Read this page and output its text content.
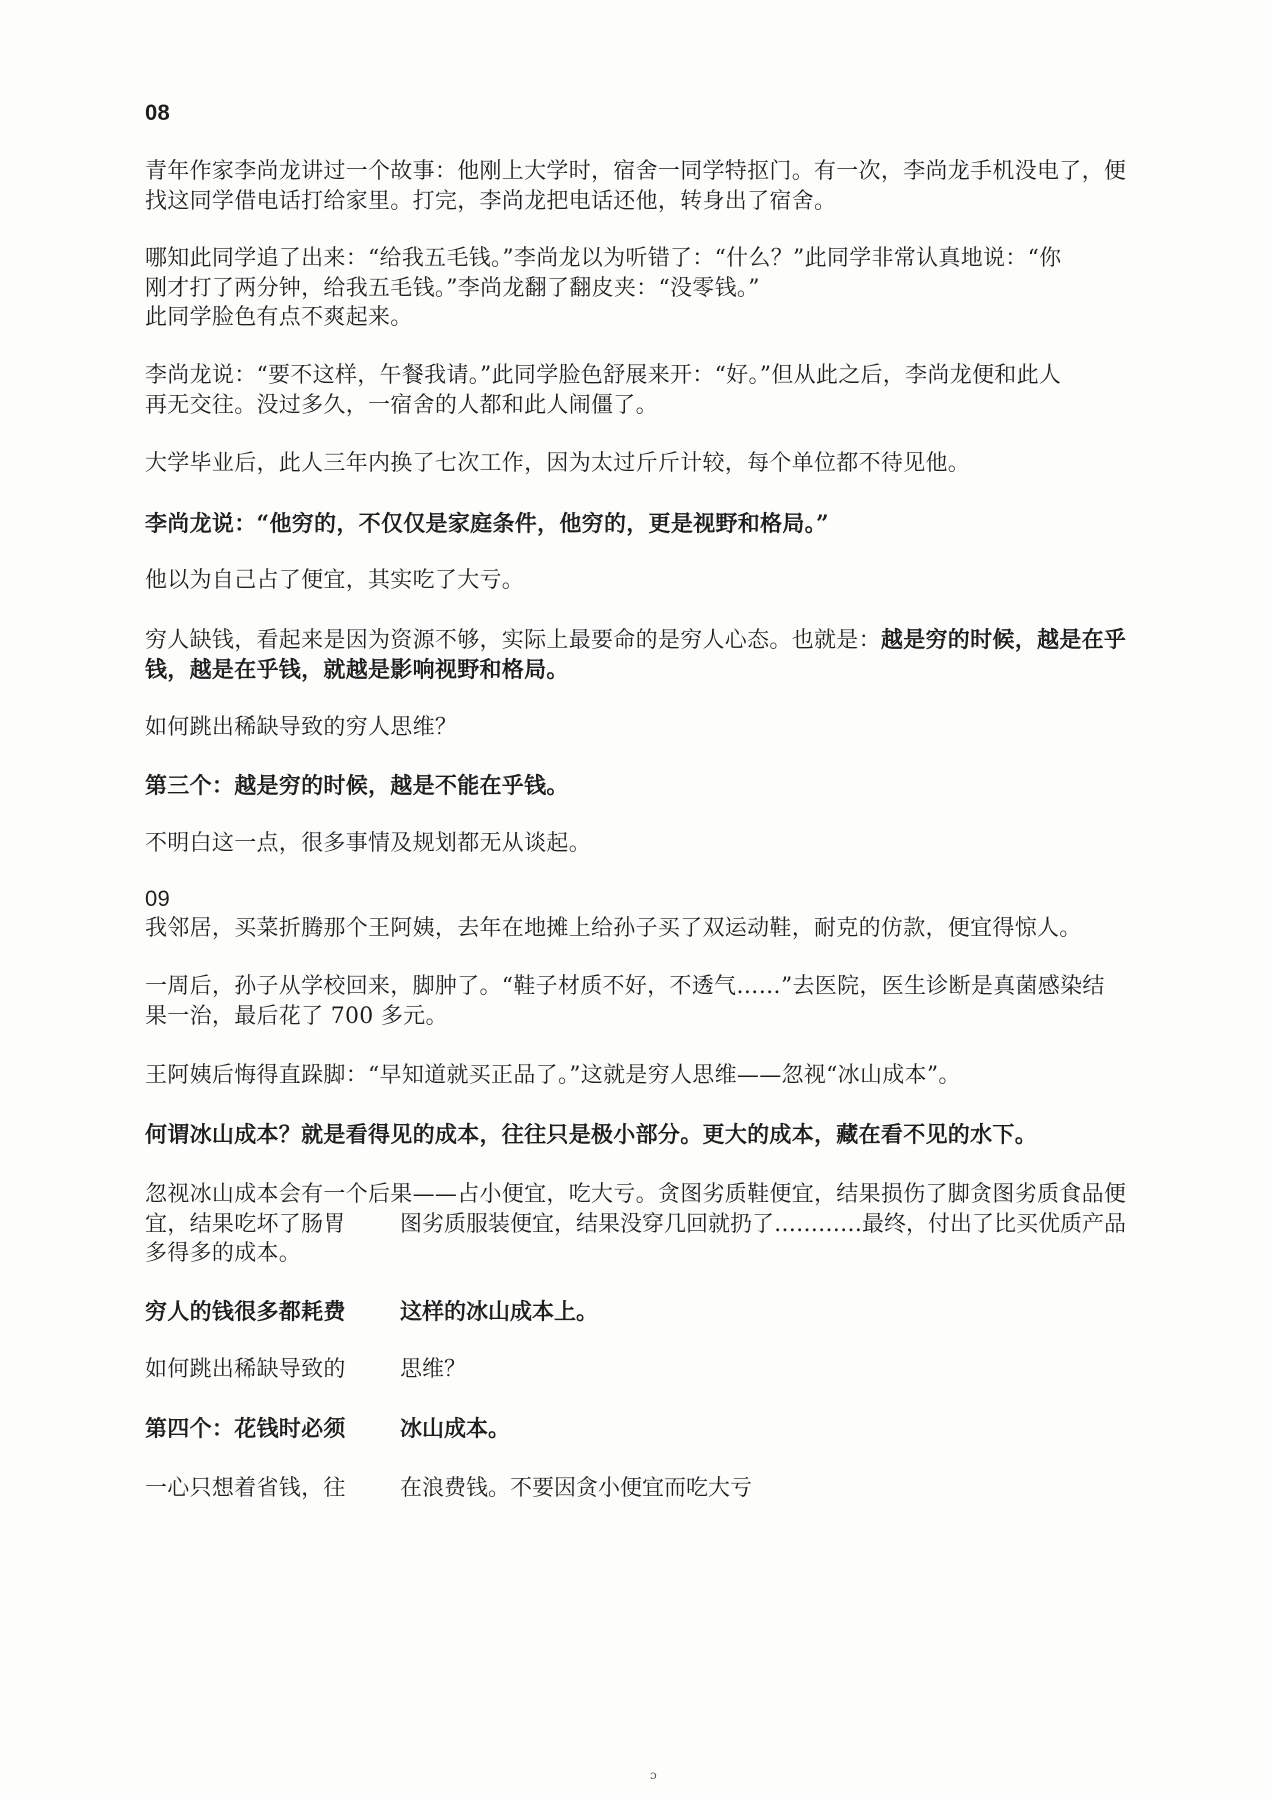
08
青年作家李尚龙讲过一个故事：他刚上大学时，宿舍一同学特抠门。有一次，李尚龙手机没电了，便
找这同学借电话打给家里。打完，李尚龙把电话还他，转身出了宿舍。
哪知此同学追了出来：“给我五毛钱。”李尚龙以为听错了：“什么？”此同学非常认真地说：“你
刚才打了两分钟，给我五毛钱。”李尚龙翻了翻皮夹：“没零钱。”
此同学脸色有点不爽起来。
李尚龙说：“要不这样，午餐我请。”此同学脸色舒展来开：“好。”但从此之后，李尚龙便和此人
再无交往。没过多久，一宿舍的人都和此人闹僵了。
大学毕业后，此人三年内换了七次工作，因为太过斤斤计较，每个单位都不待见他。
李尚龙说：“他穷的，不仅仅是家庭条件，他穷的，更是视野和格局。”
他以为自己占了便宜，其实吃了大亏。
穷人缺钱，看起来是因为资源不够，实际上最要命的是穷人心态。也就是：越是穷的时候，越是在乎
钱，越是在乎钱，就越是影响视野和格局。
如何跳出稀缺导致的穷人思维？
第三个：越是穷的时候，越是不能在乎钱。
不明白这一点，很多事情及规划都无从谈起。
09
我邻居，买菜折腾那个王阿姨，去年在地摊上给孙子买了双运动鞋，耐克的仿款，便宜得惊人。
一周后，孙子从学校回来，脚肿了。“鞋子材质不好，不透气……”去医院，医生诊断是真菌感染结
果一治，最后花了 700 多元。
王阿姨后悔得直跺脚：“早知道就买正品了。”这就是穷人思维——忽视“冰山成本”。
何谓冰山成本？就是看得见的成本，往往只是极小部分。更大的成本，藏在看不见的水下。
忽视冰山成本会有一个后果——占小便宜，吃大亏。贪图劣质鞋便宜，结果损伤了脚贪图劣质食品便
宜，结果吃坏了肠胃	图劣质服装便宜，结果没穿几回就扔了…………最终，付出了比买优质产品
多得多的成本。
穷人的钱很多都耗费	这样的冰山成本上。
如何跳出稀缺导致的	思维？
第四个：花钱时必须	冰山成本。
一心只想着省钱，往	在浪费钱。不要因贪小便宜而吃大亏
ɔ
